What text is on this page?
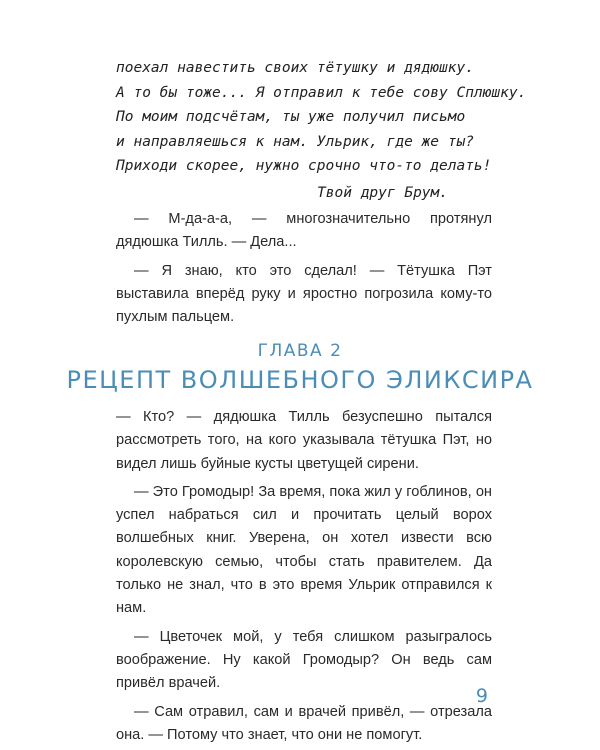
поехал навестить своих тётушку и дядюшку.
А то бы тоже... Я отправил к тебе сову Сплюшку.
По моим подсчётам, ты уже получил письмо
и направляешься к нам. Ульрик, где же ты?
Приходи скорее, нужно срочно что-то делать!
Твой друг Брум.

— М-да-а-а, — многозначительно протянул дядюшка Тилль. — Дела...

— Я знаю, кто это сделал! — Тётушка Пэт выставила вперёд руку и яростно погрозила кому-то пухлым пальцем.

ГЛАВА 2
РЕЦЕПТ ВОЛШЕБНОГО ЭЛИКСИРА

— Кто? — дядюшка Тилль безуспешно пытался рассмотреть того, на кого указывала тётушка Пэт, но видел лишь буйные кусты цветущей сирени.

— Это Громодыр! За время, пока жил у гоблинов, он успел набраться сил и прочитать целый ворох волшебных книг. Уверена, он хотел извести всю королевскую семью, чтобы стать правителем. Да только не знал, что в это время Ульрик отправился к нам.

— Цветочек мой, у тебя слишком разыгралось воображение. Ну какой Громодыр? Он ведь сам привёл врачей.

— Сам отравил, сам и врачей привёл, — отрезала она. — Потому что знает, что они не помогут.

9
